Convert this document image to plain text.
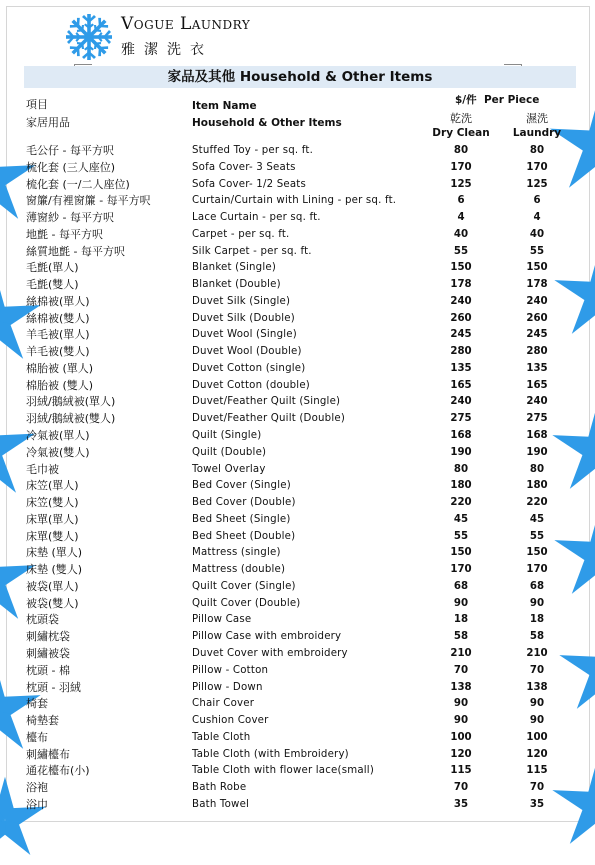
Vogue Laundry
雅潔洗衣
家品及其他 Household & Other Items
項目
家居用品
Item Name
Household & Other Items
$/件  Per Piece
乾洗	濕洗
Dry Clean	Laundry
毛公仔 - 每平方呎	Stuffed Toy - per sq. ft.	80	80
梳化套 (三人座位)	Sofa Cover- 3 Seats	170	170
梳化套 (一/二人座位)	Sofa Cover- 1/2 Seats	125	125
窗簾/有裡窗簾 - 每平方呎	Curtain/Curtain with Lining - per sq. ft.	6	6
薄窗紗 - 每平方呎	Lace Curtain - per sq. ft.	4	4
地氈 - 每平方呎	Carpet - per sq. ft.	40	40
絲質地氈 - 每平方呎	Silk Carpet - per sq. ft.	55	55
毛氈(單人)	Blanket (Single)	150	150
毛氈(雙人)	Blanket (Double)	178	178
絲棉被(單人)	Duvet Silk (Single)	240	240
絲棉被(雙人)	Duvet Silk (Double)	260	260
羊毛被(單人)	Duvet Wool (Single)	245	245
羊毛被(雙人)	Duvet Wool (Double)	280	280
棉胎被 (單人)	Duvet Cotton (single)	135	135
棉胎被 (雙人)	Duvet Cotton (double)	165	165
羽絨/鵝絨被(單人)	Duvet/Feather Quilt (Single)	240	240
羽絨/鵝絨被(雙人)	Duvet/Feather Quilt (Double)	275	275
冷氣被(單人)	Quilt (Single)	168	168
冷氣被(雙人)	Quilt (Double)	190	190
毛巾被	Towel Overlay	80	80
床笠(單人)	Bed Cover (Single)	180	180
床笠(雙人)	Bed Cover (Double)	220	220
床單(單人)	Bed Sheet (Single)	45	45
床單(雙人)	Bed Sheet (Double)	55	55
床墊 (單人)	Mattress (single)	150	150
床墊 (雙人)	Mattress (double)	170	170
被袋(單人)	Quilt Cover (Single)	68	68
被袋(雙人)	Quilt Cover (Double)	90	90
枕頭袋	Pillow Case	18	18
刺繡枕袋	Pillow Case with embroidery	58	58
刺繡被袋	Duvet Cover with embroidery	210	210
枕頭 - 棉	Pillow - Cotton	70	70
枕頭 - 羽絨	Pillow - Down	138	138
椅套	Chair Cover	90	90
椅墊套	Cushion Cover	90	90
檯布	Table Cloth	100	100
刺繡檯布	Table Cloth (with Embroidery)	120	120
通花檯布(小)	Table Cloth with flower lace(small)	115	115
浴袍	Bath Robe	70	70
浴巾	Bath Towel	35	35
